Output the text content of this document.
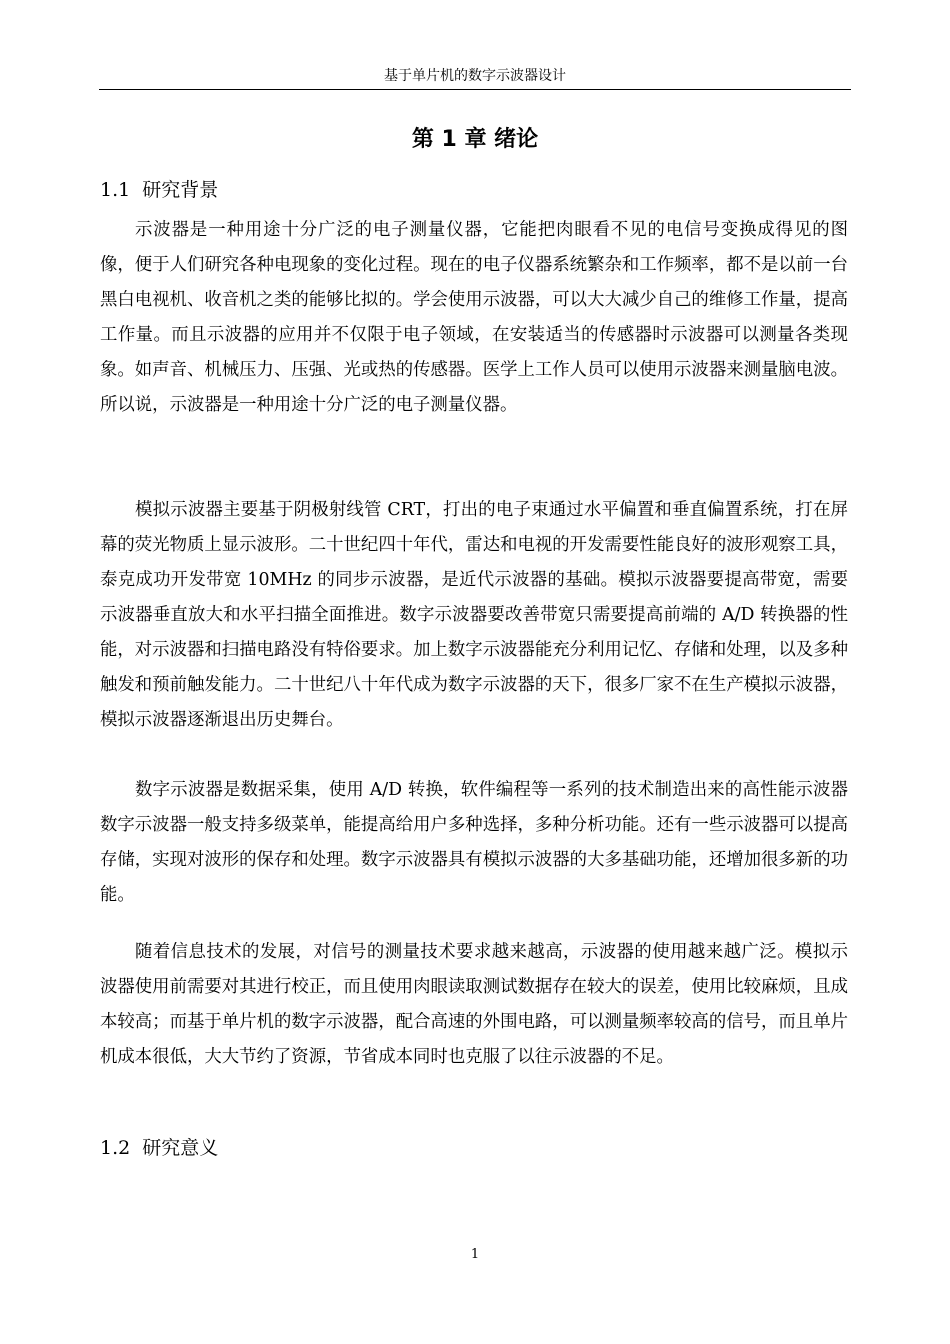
基于单片机的数字示波器设计
第 1 章 绪论
1.1 研究背景

示波器是一种用途十分广泛的电子测量仪器，它能把肉眼看不见的电信号变换成得见的图像，便于人们研究各种电现象的变化过程。现在的电子仪器系统繁杂和工作频率，都不是以前一台黑白电视机、收音机之类的能够比拟的。学会使用示波器，可以大大减少自己的维修工作量，提高工作量。而且示波器的应用并不仅限于电子领域，在安装适当的传感器时示波器可以测量各类现象。如声音、机械压力、压强、光或热的传感器。医学上工作人员可以使用示波器来测量脑电波。所以说，示波器是一种用途十分广泛的电子测量仪器。

模拟示波器主要基于阴极射线管 CRT，打出的电子束通过水平偏置和垂直偏置系统，打在屏幕的荧光物质上显示波形。二十世纪四十年代，雷达和电视的开发需要性能良好的波形观察工具，泰克成功开发带宽 10MHz 的同步示波器，是近代示波器的基础。模拟示波器要提高带宽，需要示波器垂直放大和水平扫描全面推进。数字示波器要改善带宽只需要提高前端的 A/D 转换器的性能，对示波器和扫描电路没有特俗要求。加上数字示波器能充分利用记忆、存储和处理，以及多种触发和预前触发能力。二十世纪八十年代成为数字示波器的天下，很多厂家不在生产模拟示波器，模拟示波器逐渐退出历史舞台。

数字示波器是数据采集，使用 A/D 转换，软件编程等一系列的技术制造出来的高性能示波器数字示波器一般支持多级菜单，能提高给用户多种选择，多种分析功能。还有一些示波器可以提高存储，实现对波形的保存和处理。数字示波器具有模拟示波器的大多基础功能，还增加很多新的功能。

随着信息技术的发展，对信号的测量技术要求越来越高，示波器的使用越来越广泛。模拟示波器使用前需要对其进行校正，而且使用肉眼读取测试数据存在较大的误差，使用比较麻烦，且成本较高；而基于单片机的数字示波器，配合高速的外围电路，可以测量频率较高的信号，而且单片机成本很低，大大节约了资源，节省成本同时也克服了以往示波器的不足。

1.2 研究意义
1
